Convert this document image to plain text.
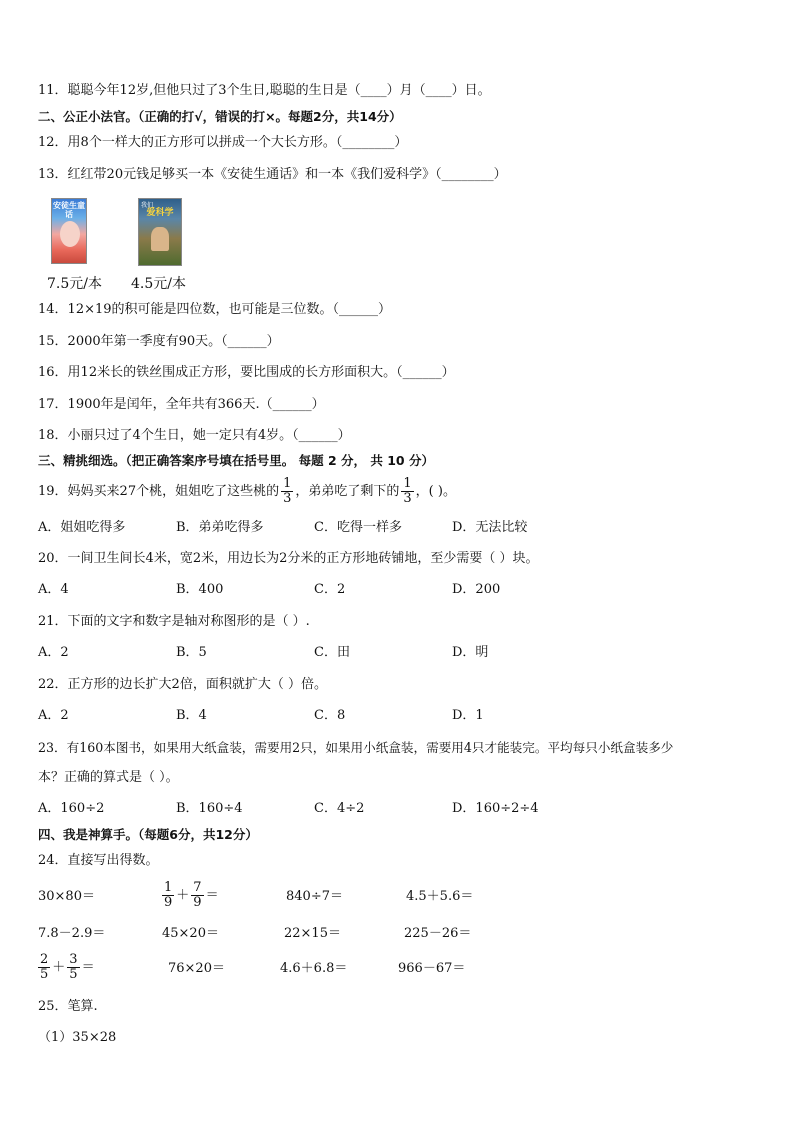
11．聪聪今年12岁,但他只过了3个生日,聪聪的生日是（____）月（____）日。
二、公正小法官。（正确的打√，错误的打×。每题2分，共14分）
12．用8个一样大的正方形可以拼成一个大长方形。（________）
13．红红带20元钱足够买一本《安徒生通话》和一本《我们爱科学》（________）
安徒生童话
我们
爱科学
7.5元/本 4.5元/本
14．12×19的积可能是四位数，也可能是三位数。（______）
15．2000年第一季度有90天。（______）
16．用12米长的铁丝围成正方形，要比围成的长方形面积大。（______）
17．1900年是闰年，全年共有366天.（______）
18．小丽只过了4个生日，她一定只有4岁。（______）
三、精挑细选。（把正确答案序号填在括号里。 每题 2 分， 共 10 分）
19．妈妈买来27个桃，姐姐吃了这些桃的 $\frac{1}{3}$ ，弟弟吃了剩下的 $\frac{1}{3}$ ，( )。
A．姐姐吃得多	B．弟弟吃得多	C．吃得一样多	D．无法比较
20．一间卫生间长4米，宽2米，用边长为2分米的正方形地砖铺地，至少需要（ ）块。
A．4	B．400	C．2	D．200
21．下面的文字和数字是轴对称图形的是（ ）.
A．2	B．5	C．田	D．明
22．正方形的边长扩大2倍，面积就扩大（ ）倍。
A．2	B．4	C．8	D．1
23．有160本图书，如果用大纸盒装，需要用2只，如果用小纸盒装，需要用4只才能装完。平均每只小纸盒装多少
本？正确的算式是（ ）。
A．160÷2	B．160÷4	C．4÷2	D．160÷2÷4
四、我是神算手。（每题6分，共12分）
24．直接写出得数。
30×80＝	$\frac{1}{9} + \frac{7}{9}$ ＝	840÷7＝	4.5＋5.6＝
7.8－2.9＝	45×20＝	22×15＝	225－26＝
$\frac{2}{5} + \frac{3}{5}$ ＝	76×20＝	4.6＋6.8＝	966－67＝
25．笔算.
（1）35×28
